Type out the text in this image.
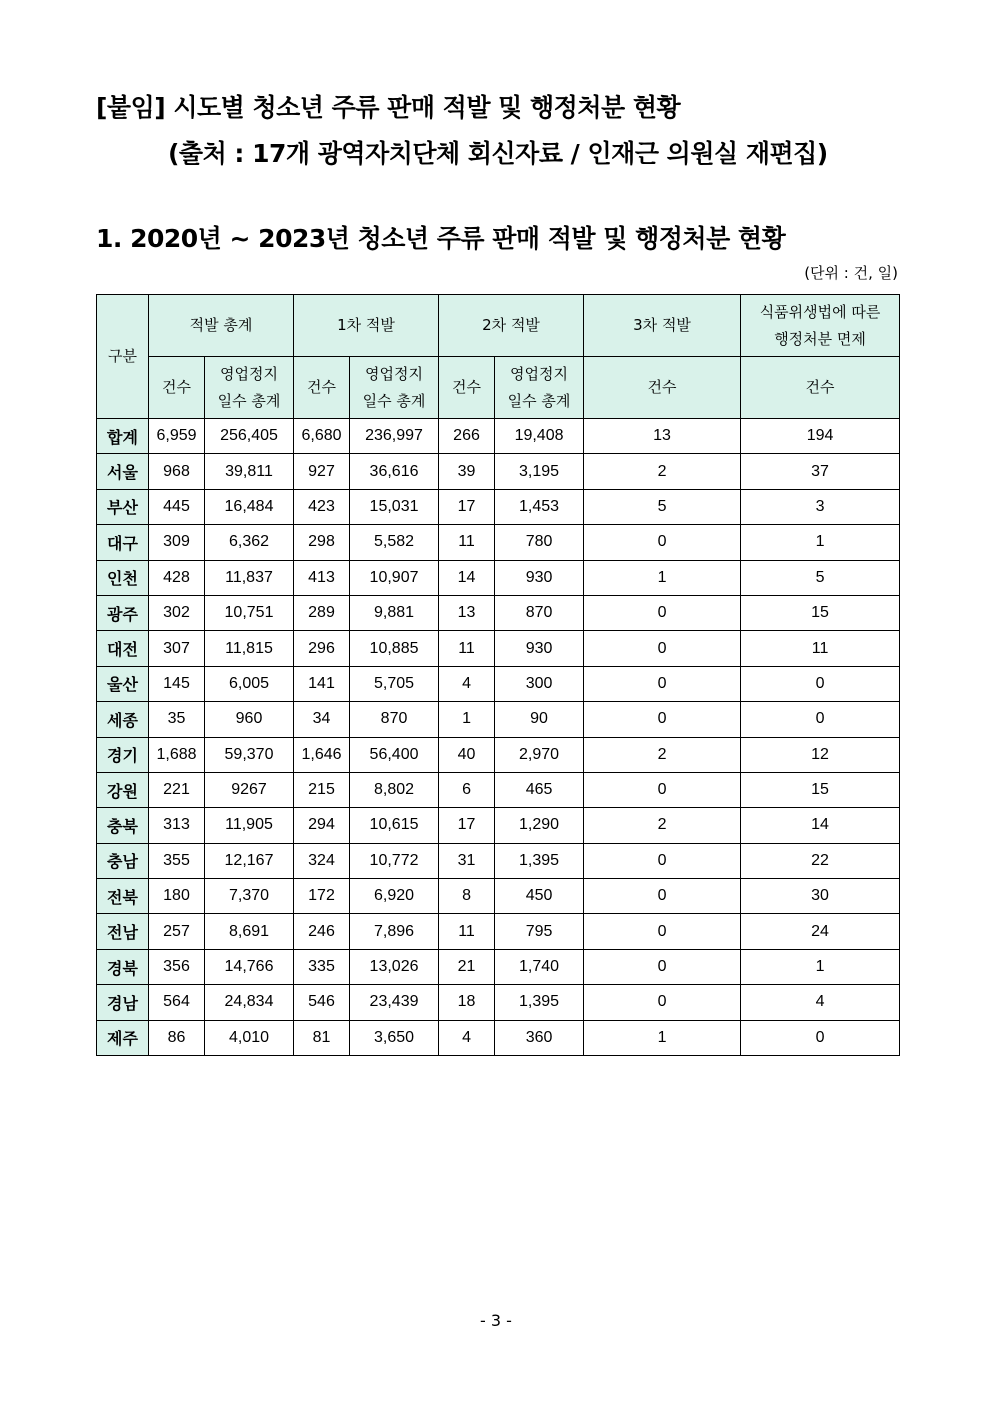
[붙임] 시도별 청소년 주류 판매 적발 및 행정처분 현황
(출처 : 17개 광역자치단체 회신자료 / 인재근 의원실 재편집)
1. 2020년 ~ 2023년 청소년 주류 판매 적발 및 행정처분 현황
(단위 : 건, 일)
구분	적발 총계		1차 적발		2차 적발		3차 적발	식품위생법에 따른
행정처분 면제
	건수	영업정지
일수 총계	건수	영업정지
일수 총계	건수	영업정지
일수 총계	건수	건수
합계	6,959	256,405	6,680	236,997	266	19,408	13	194
서울	968	39,811	927	36,616	39	3,195	2	37
부산	445	16,484	423	15,031	17	1,453	5	3
대구	309	6,362	298	5,582	11	780	0	1
인천	428	11,837	413	10,907	14	930	1	5
광주	302	10,751	289	9,881	13	870	0	15
대전	307	11,815	296	10,885	11	930	0	11
울산	145	6,005	141	5,705	4	300	0	0
세종	35	960	34	870	1	90	0	0
경기	1,688	59,370	1,646	56,400	40	2,970	2	12
강원	221	9267	215	8,802	6	465	0	15
충북	313	11,905	294	10,615	17	1,290	2	14
충남	355	12,167	324	10,772	31	1,395	0	22
전북	180	7,370	172	6,920	8	450	0	30
전남	257	8,691	246	7,896	11	795	0	24
경북	356	14,766	335	13,026	21	1,740	0	1
경남	564	24,834	546	23,439	18	1,395	0	4
제주	86	4,010	81	3,650	4	360	1	0
- 3 -
